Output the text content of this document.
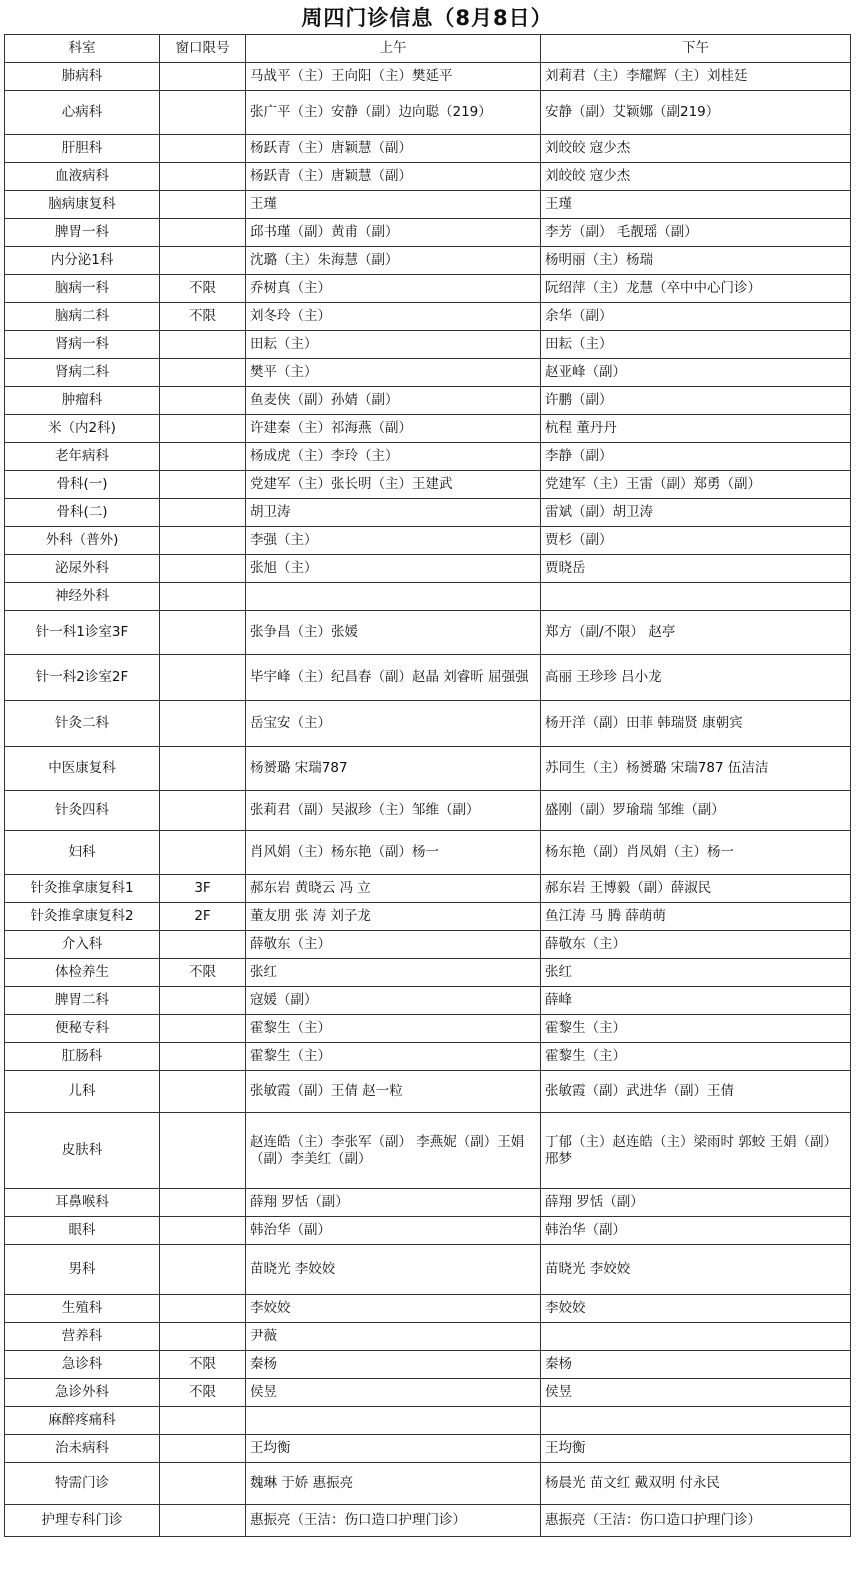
周四门诊信息（8月8日）
科室	窗口限号	上午	下午
肺病科		马战平（主）王向阳（主）樊延平	刘莉君（主）李耀辉（主）刘桂廷
心病科		张广平（主）安静（副）边向聪（219）	安静（副）艾颖娜（副219）
肝胆科		杨跃青（主）唐颖慧（副）	刘皎皎 寇少杰
血液病科		杨跃青（主）唐颖慧（副）	刘皎皎 寇少杰
脑病康复科		王瑾	王瑾
脾胃一科		邱书瑾（副）黄甫（副）	李芳（副） 毛靓瑶（副）
内分泌1科		沈璐（主）朱海慧（副）	杨明丽（主）杨瑞
脑病一科	不限	乔树真（主）	阮绍萍（主）龙慧（卒中中心门诊）
脑病二科	不限	刘冬玲（主）	余华（副）
肾病一科		田耘（主）	田耘（主）
肾病二科		樊平（主）	赵亚峰（副）
肿瘤科		鱼麦侠（副）孙婧（副）	许鹏（副）
米（内2科)		许建秦（主）祁海燕（副）	杭程 董丹丹
老年病科		杨成虎（主）李玲（主）	李静（副）
骨科(一)		党建军（主）张长明（主）王建武	党建军（主）王雷（副）郑勇（副）
骨科(二)		胡卫涛	雷斌（副）胡卫涛
外科（普外)		李强（主）	贾杉（副）
泌尿外科		张旭（主）	贾晓岳
神经外科			
针一科1诊室3F		张争昌（主）张媛	郑方（副/不限） 赵亭
针一科2诊室2F		毕宇峰（主）纪昌春（副）赵晶 刘睿昕 屈强强	高丽 王珍珍 吕小龙
针灸二科		岳宝安（主）	杨开洋（副）田菲 韩瑞贤 康朝宾
中医康复科		杨赟璐 宋瑞787	苏同生（主）杨赟璐 宋瑞787 伍洁洁
针灸四科		张莉君（副）吴淑珍（主）邹维（副）	盛刚（副）罗瑜瑞 邹维（副）
妇科		肖风娟（主）杨东艳（副）杨一	杨东艳（副）肖凤娟（主）杨一
针灸推拿康复科1	3F	郝东岩 黄晓云 冯 立	郝东岩 王博毅（副）薛淑民
针灸推拿康复科2	2F	董友朋 张 涛 刘子龙	鱼江涛 马 腾 薛萌萌
介入科		薛敬东（主）	薛敬东（主）
体检养生	不限	张红	张红
脾胃二科		寇媛（副）	薛峰
便秘专科		霍黎生（主）	霍黎生（主）
肛肠科		霍黎生（主）	霍黎生（主）
儿科		张敏霞（副）王倩 赵一粒	张敏霞（副）武进华（副）王倩
皮肤科		赵连皓（主）李张军（副） 李燕妮（副）王娟（副）李美红（副）	丁郁（主）赵连皓（主）梁雨时 郭蛟 王娟（副） 邢梦
耳鼻喉科		薛翔 罗恬（副）	薛翔 罗恬（副）
眼科		韩治华（副）	韩治华（副）
男科		苗晓光 李姣姣	苗晓光 李姣姣
生殖科		李姣姣	李姣姣
营养科		尹薇	
急诊科	不限	秦杨	秦杨
急诊外科	不限	侯昱	侯昱
麻醉疼痛科			
治未病科		王均衡	王均衡
特需门诊		魏琳 于娇 惠振亮	杨晨光 苗文红 戴双明 付永民
护理专科门诊		惠振亮（王洁：伤口造口护理门诊）	惠振亮（王洁：伤口造口护理门诊）
